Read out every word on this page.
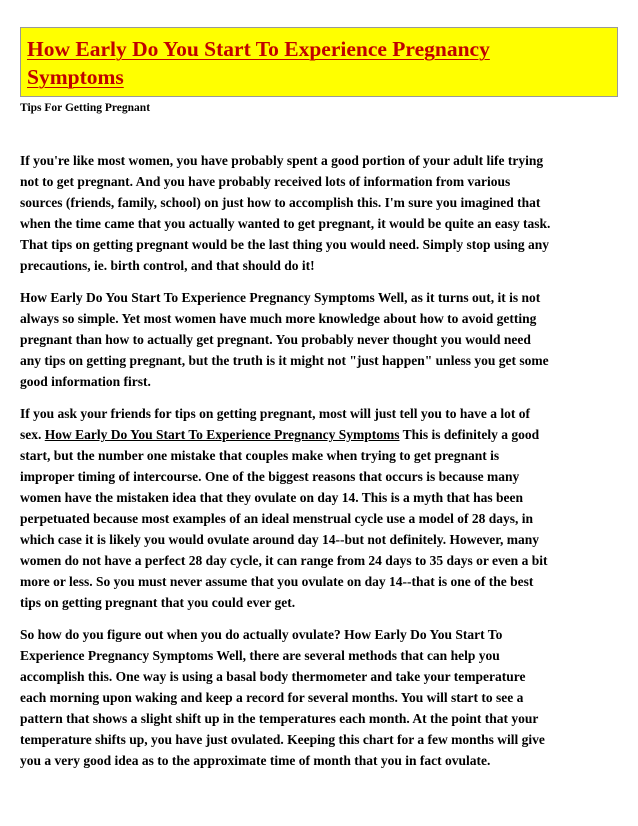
How Early Do You Start To Experience Pregnancy
Symptoms

Tips For Getting Pregnant

If you're like most women, you have probably spent a good portion of your adult life trying
not to get pregnant. And you have probably received lots of information from various
sources (friends, family, school) on just how to accomplish this. I'm sure you imagined that
when the time came that you actually wanted to get pregnant, it would be quite an easy task.
That tips on getting pregnant would be the last thing you would need. Simply stop using any
precautions, ie. birth control, and that should do it!

How Early Do You Start To Experience Pregnancy Symptoms Well, as it turns out, it is not
always so simple. Yet most women have much more knowledge about how to avoid getting
pregnant than how to actually get pregnant. You probably never thought you would need
any tips on getting pregnant, but the truth is it might not "just happen" unless you get some
good information first.

If you ask your friends for tips on getting pregnant, most will just tell you to have a lot of
sex. How Early Do You Start To Experience Pregnancy Symptoms This is definitely a good
start, but the number one mistake that couples make when trying to get pregnant is
improper timing of intercourse. One of the biggest reasons that occurs is because many
women have the mistaken idea that they ovulate on day 14. This is a myth that has been
perpetuated because most examples of an ideal menstrual cycle use a model of 28 days, in
which case it is likely you would ovulate around day 14--but not definitely. However, many
women do not have a perfect 28 day cycle, it can range from 24 days to 35 days or even a bit
more or less. So you must never assume that you ovulate on day 14--that is one of the best
tips on getting pregnant that you could ever get.

So how do you figure out when you do actually ovulate? How Early Do You Start To
Experience Pregnancy Symptoms Well, there are several methods that can help you
accomplish this. One way is using a basal body thermometer and take your temperature
each morning upon waking and keep a record for several months. You will start to see a
pattern that shows a slight shift up in the temperatures each month. At the point that your
temperature shifts up, you have just ovulated. Keeping this chart for a few months will give
you a very good idea as to the approximate time of month that you in fact ovulate.
